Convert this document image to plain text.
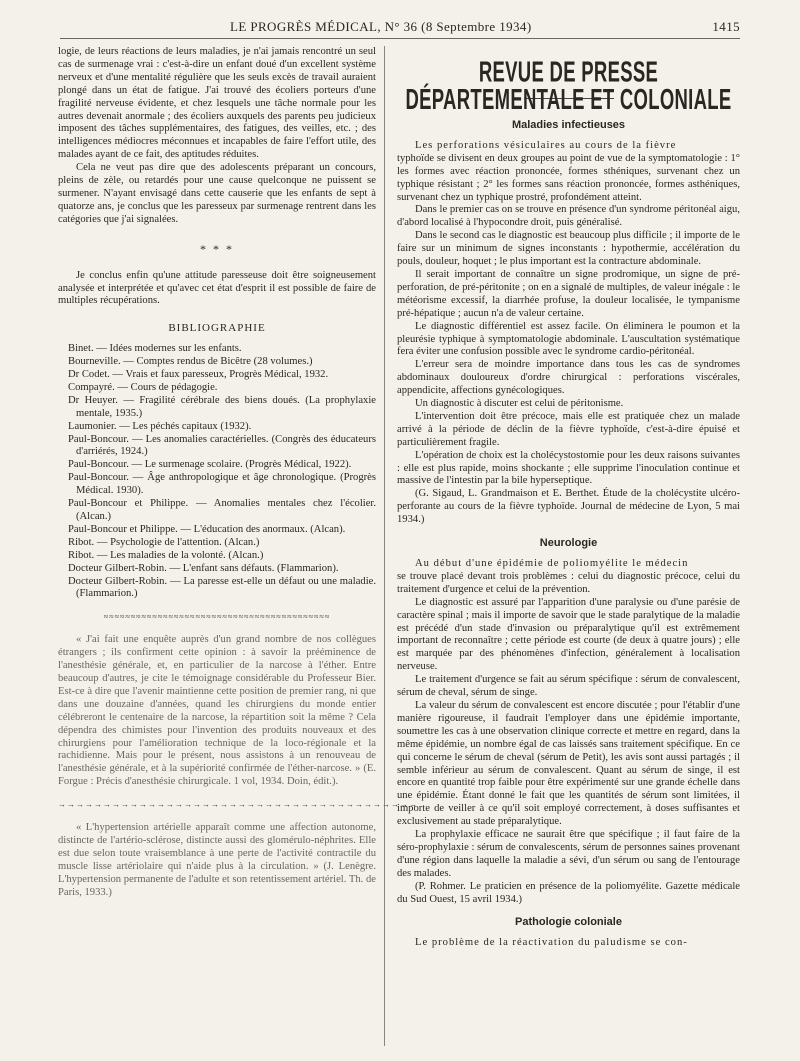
LE PROGRÈS MÉDICAL, N° 36 (8 Septembre 1934)	1415

logie, de leurs réactions de leurs maladies, je n'ai jamais rencontré un seul cas de surmenage vrai : c'est-à-dire un enfant doué d'un excellent système nerveux et d'une mentalité régulière que les seuls excès de travail auraient plongé dans un état de fatigue. J'ai trouvé des écoliers porteurs d'une fragilité nerveuse évidente, et chez lesquels une tâche normale pour les autres devenait anormale ; des écoliers auxquels des parents peu judicieux imposent des tâches supplémentaires, des fatigues, des veilles, etc. ; des intelligences médiocres méconnues et incapables de faire l'effort utile, des malades ayant de ce fait, des aptitudes réduites.

Cela ne veut pas dire que des adolescents préparant un concours, pleins de zèle, ou retardés pour une cause quelconque ne puissent se surmener. N'ayant envisagé dans cette causerie que les enfants de sept à quatorze ans, je conclus que les paresseux par surmenage rentrent dans les catégories que j'ai signalées.

* * *

Je conclus enfin qu'une attitude paresseuse doit être soigneusement analysée et interprétée et qu'avec cet état d'esprit il est possible de faire de multiples récupérations.

BIBLIOGRAPHIE

Binet. — Idées modernes sur les enfants.

Bourneville. — Comptes rendus de Bicêtre (28 volumes.)

Dr Codet. — Vrais et faux paresseux, Progrès Médical, 1932.

Compayré. — Cours de pédagogie.

Dr Heuyer. — Fragilité cérébrale des biens doués. (La prophylaxie mentale, 1935.)

Laumonier. — Les péchés capitaux (1932).

Paul-Boncour. — Les anomalies caractérielles. (Congrès des éducateurs d'arriérés, 1924.)

Paul-Boncour. — Le surmenage scolaire. (Progrès Médical, 1922).

Paul-Boncour. — Âge anthropologique et âge chronologique. (Progrès Médical. 1930).

Paul-Boncour et Philippe. — Anomalies mentales chez l'écolier. (Alcan.)

Paul-Boncour et Philippe. — L'éducation des anormaux. (Alcan).

Ribot. — Psychologie de l'attention. (Alcan.)

Ribot. — Les maladies de la volonté. (Alcan.)

Docteur Gilbert-Robin. — L'enfant sans défauts. (Flammarion).

Docteur Gilbert-Robin. — La paresse est-elle un défaut ou une maladie. (Flammarion.)

≈≈≈≈≈≈≈≈≈≈≈≈≈≈≈≈≈≈≈≈≈≈≈≈≈≈≈≈≈≈≈≈≈≈≈≈≈≈≈≈≈≈

« J'ai fait une enquête auprès d'un grand nombre de nos collègues étrangers ; ils confirment cette opinion : à savoir la prééminence de l'anesthésie générale, et, en particulier de la narcose à l'éther. Entre beaucoup d'autres, je cite le témoignage considérable du Professeur Bier. Est-ce à dire que l'avenir maintienne cette position de premier rang, ni que dans une douzaine d'années, quand les chirurgiens du monde entier célébreront le centenaire de la narcose, la répartition soit la même ? Cela dépendra des chimistes pour l'invention des produits nouveaux et des chirurgiens pour l'amélioration technique de la loco-régionale et la rachidienne. Mais pour le présent, nous assistons à un renouveau de l'anesthésie générale, et à la supériorité confirmée de l'éther-narcose. » (E. Forgue : Précis d'anesthésie chirurgicale. 1 vol, 1934. Doin, édit.).

→→→→→→→→→→→→→→→→→→→→→→→→→→→→→→→→→→→→→→→→

« L'hypertension artérielle apparaît comme une affection autonome, distincte de l'artério-sclérose, distincte aussi des glomérulo-néphrites. Elle est due selon toute vraisemblance à une perte de l'activité contractile du muscle lisse artériolaire qui n'aide plus à la circulation. » (J. Lenègre. L'hypertension permanente de l'adulte et son retentissement artériel. Th. de Paris, 1933.)

REVUE DE PRESSE DÉPARTEMENTALE ET COLONIALE
Maladies infectieuses

Les perforations vésiculaires au cours de la fièvre

typhoïde se divisent en deux groupes au point de vue de la symptomatologie : 1° les formes avec réaction prononcée, formes sthéniques, survenant chez un typhique résistant ; 2° les formes sans réaction prononcée, formes asthéniques, survenant chez un typhique prostré, profondément atteint.

Dans le premier cas on se trouve en présence d'un syndrome péritonéal aigu, d'abord localisé à l'hypocondre droit, puis généralisé.

Dans le second cas le diagnostic est beaucoup plus difficile ; il importe de le faire sur un minimum de signes inconstants : hypothermie, accélération du pouls, douleur, hoquet ; le plus important est la contracture abdominale.

Il serait important de connaître un signe prodromique, un signe de pré-perforation, de pré-péritonite ; on en a signalé de multiples, de valeur inégale : le météorisme excessif, la diarrhée profuse, la douleur localisée, le tympanisme pré-hépatique ; aucun n'a de valeur certaine.

Le diagnostic différentiel est assez facile. On éliminera le poumon et la pleurésie typhique à symptomatologie abdominale. L'auscultation systématique fera éviter une confusion possible avec le syndrome cardio-péritonéal.

L'erreur sera de moindre importance dans tous les cas de syndromes abdominaux douloureux d'ordre chirurgical : perforations viscérales, appendicite, affections gynécologiques.

Un diagnostic à discuter est celui de péritonisme.

L'intervention doit être précoce, mais elle est pratiquée chez un malade arrivé à la période de déclin de la fièvre typhoïde, c'est-à-dire épuisé et particulièrement fragile.

L'opération de choix est la cholécystostomie pour les deux raisons suivantes : elle est plus rapide, moins shockante ; elle supprime l'inoculation continue et massive de l'intestin par la bile hyperseptique.

(G. Sigaud, L. Grandmaison et E. Berthet. Étude de la cholécystite ulcéro-perforante au cours de la fièvre typhoïde. Journal de médecine de Lyon, 5 mai 1934.)

Neurologie

Au début d'une épidémie de poliomyélite le médecin

se trouve placé devant trois problèmes : celui du diagnostic précoce, celui du traitement d'urgence et celui de la prévention.

Le diagnostic est assuré par l'apparition d'une paralysie ou d'une parésie de caractère spinal ; mais il importe de savoir que le stade paralytique de la maladie est précédé d'un stade d'invasion ou préparalytique qu'il est extrêmement important de reconnaître ; cette période est courte (de deux à quatre jours) ; elle est marquée par des phénomènes d'infection, généralement à localisation nerveuse.

Le traitement d'urgence se fait au sérum spécifique : sérum de convalescent, sérum de cheval, sérum de singe.

La valeur du sérum de convalescent est encore discutée ; pour l'établir d'une manière rigoureuse, il faudrait l'employer dans une épidémie importante, soumettre les cas à une observation clinique correcte et mettre en regard, dans la même épidémie, un nombre égal de cas laissés sans traitement spécifique. En ce qui concerne le sérum de cheval (sérum de Petit), les avis sont aussi partagés ; il semble inférieur au sérum de convalescent. Quant au sérum de singe, il est encore en quantité trop faible pour être expérimenté sur une grande échelle dans une épidémie. Étant donné le fait que les quantités de sérum sont limitées, il importe de veiller à ce qu'il soit employé correctement, à doses suffisantes et exclusivement au stade préparalytique.

La prophylaxie efficace ne saurait être que spécifique ; il faut faire de la séro-prophylaxie : sérum de convalescents, sérum de personnes saines provenant d'une région dans laquelle la maladie a sévi, d'un sérum ou sang de l'entourage des malades.

(P. Rohmer. Le praticien en présence de la poliomyélite. Gazette médicale du Sud Ouest, 15 avril 1934.)

Pathologie coloniale

Le problème de la réactivation du paludisme se con-
